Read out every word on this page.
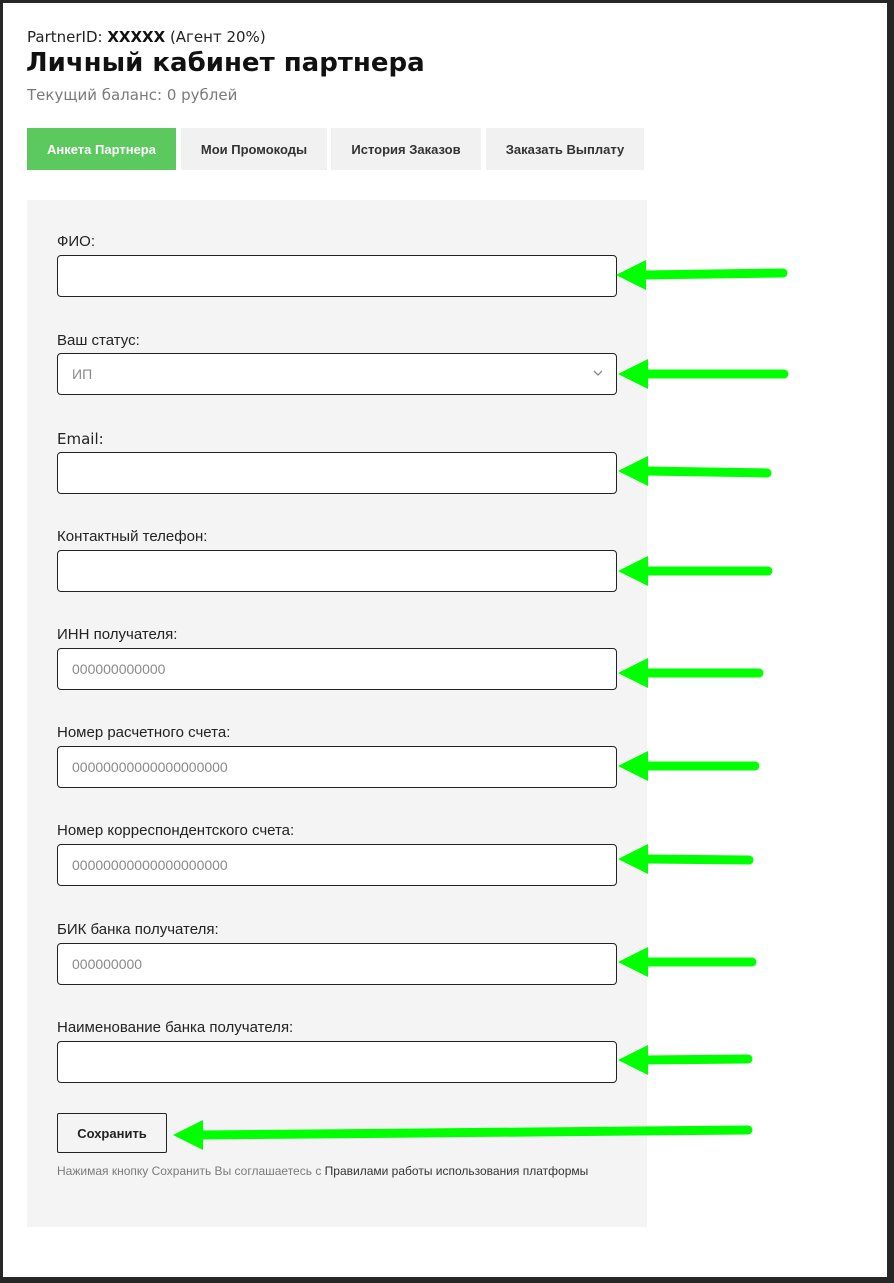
PartnerID: XXXXX (Агент 20%)
Личный кабинет партнера
Текущий баланс: 0 рублей
Анкета Партнера	Мои Промокоды	История Заказов	Заказать Выплату
ФИО:
Ваш статус:
ИП
Email:
Контактный телефон:
ИНН получателя:
000000000000
Номер расчетного счета:
00000000000000000000
Номер корреспондентского счета:
00000000000000000000
БИК банка получателя:
000000000
Наименование банка получателя:
Сохранить
Нажимая кнопку Сохранить Вы соглашаетесь с Правилами работы использования платформы
